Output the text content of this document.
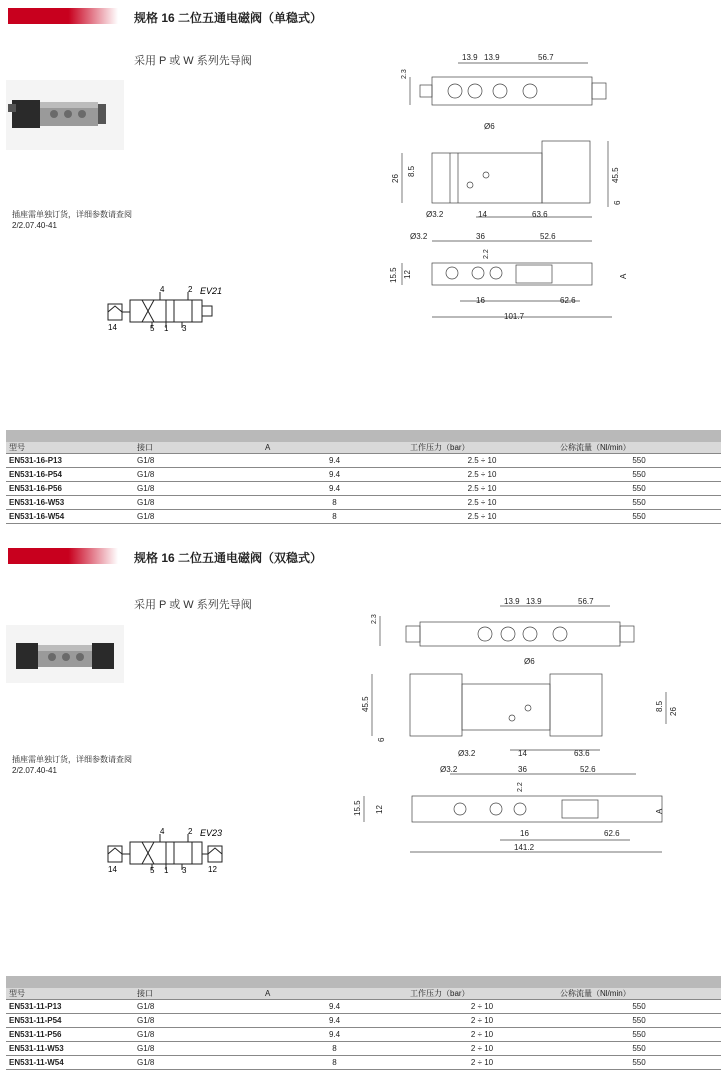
规格 16 二位五通电磁阀（单稳式）
采用 P 或 W 系列先导阀
插座需单独订货，详细参数请查阅 2/2.07.40-41
4	2
5 1 3
14
EV21
13.9 13.9	56.7
2.3
Ø6
8.5
26	45.5
6
Ø3.2	14	63.6
Ø3.2	36	52.6
2.2
15.5 12	A
16	62.6
101.7
型号	接口	A	工作压力（bar）	公称流量（Nl/min）
EN531-16-P13	G1/8	9.4	2.5 ÷ 10	550
EN531-16-P54	G1/8	9.4	2.5 ÷ 10	550
EN531-16-P56	G1/8	9.4	2.5 ÷ 10	550
EN531-16-W53	G1/8	8	2.5 ÷ 10	550
EN531-16-W54	G1/8	8	2.5 ÷ 10	550
规格 16 二位五通电磁阀（双稳式）
采用 P 或 W 系列先导阀
插座需单独订货，详细参数请查阅 2/2.07.40-41
4	2
5 1 3
14	12
EV23
13.9 13.9	56.7
2.3
Ø6
45.5
6
8.5 26
Ø3.2	14	63.6
Ø3.2	36	52.6
2.2
15.5 12	A
16	62.6
141.2
型号	接口	A	工作压力（bar）	公称流量（Nl/min）
EN531-11-P13	G1/8	9.4	2 ÷ 10	550
EN531-11-P54	G1/8	9.4	2 ÷ 10	550
EN531-11-P56	G1/8	9.4	2 ÷ 10	550
EN531-11-W53	G1/8	8	2 ÷ 10	550
EN531-11-W54	G1/8	8	2 ÷ 10	550
